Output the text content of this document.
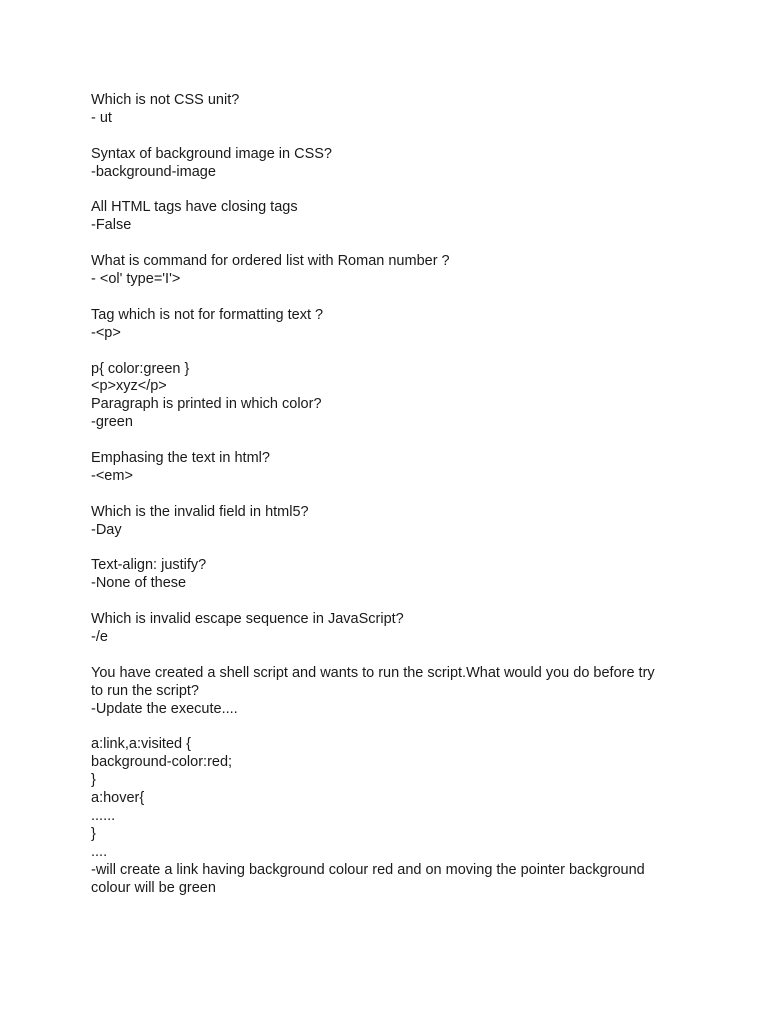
Which is not CSS unit?
- ut
Syntax of background image in CSS?
-background-image
All HTML tags have closing tags
-False
What is command for ordered list with Roman number ?
- <ol' type='I'>
Tag which is not for formatting text ?
-<p>
p{ color:green }
<p>xyz</p>
Paragraph is printed in which color?
-green
Emphasing the text in html?
-<em>
Which is the invalid field in html5?
-Day
Text-align: justify?
-None of these
Which is invalid escape sequence in JavaScript?
-/e
You have created a shell script and wants to run the script.What would you do before try
to run the script?
-Update the execute....
a:link,a:visited {
background-color:red;
}
a:hover{
......
}
....
-will create a link having background colour red and on moving the pointer background
colour will be green
